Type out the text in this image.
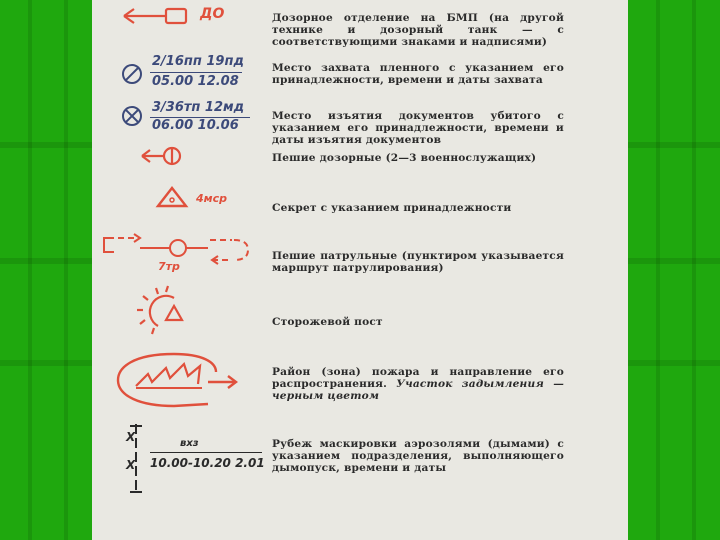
ДО	Дозорное отделение на БМП (на другой технике и дозорный танк — с соответствующими знаками и надписями)
2/16пп 19пд
05.00 12.08
Место захвата пленного с указанием его принадлежности, времени и даты захвата
3/36тп 12мд
06.00 10.06
Место изъятия документов убитого с указанием его принадлежности, времени и даты изъятия документов
Пешие дозорные (2—3 военнослужащих)
4мср
Секрет с указанием принадлежности
7тр
Пешие патрульные (пунктиром указывается маршрут патрулирования)
Сторожевой пост
Район (зона) пожара и направление его распространения. Участок задымления — черным цветом
Х
Х
вхз
10.00-10.20 2.01
Рубеж маскировки аэрозолями (дымами) с указанием подразделения, выполняющего дымопуск, времени и даты
